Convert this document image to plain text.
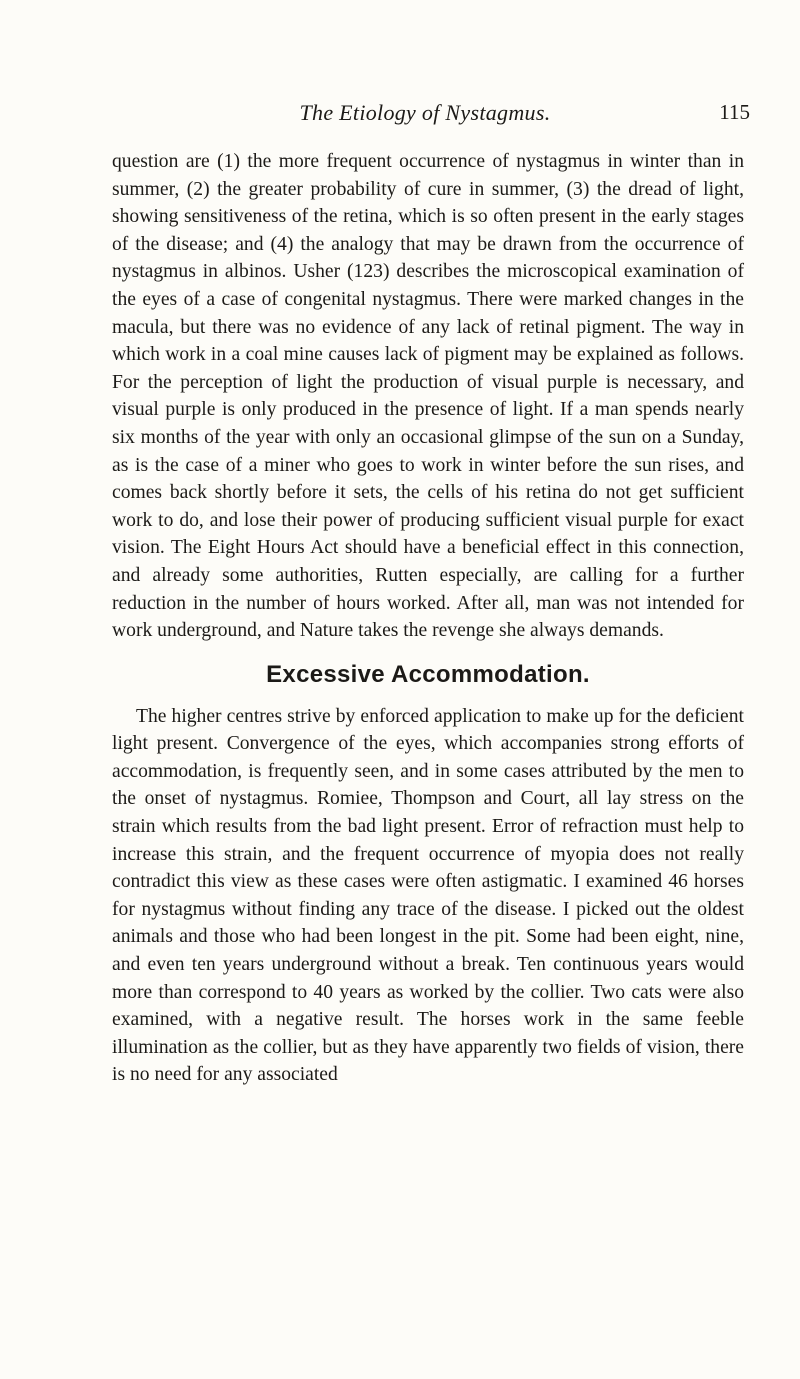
The Etiology of Nystagmus.	115

question are (1) the more frequent occurrence of nystagmus in winter than in summer, (2) the greater probability of cure in summer, (3) the dread of light, showing sensitiveness of the retina, which is so often present in the early stages of the disease; and (4) the analogy that may be drawn from the occurrence of nystagmus in albinos. Usher (123) describes the microscopical examination of the eyes of a case of congenital nystagmus. There were marked changes in the macula, but there was no evidence of any lack of retinal pigment. The way in which work in a coal mine causes lack of pigment may be explained as follows. For the perception of light the production of visual purple is necessary, and visual purple is only produced in the presence of light. If a man spends nearly six months of the year with only an occasional glimpse of the sun on a Sunday, as is the case of a miner who goes to work in winter before the sun rises, and comes back shortly before it sets, the cells of his retina do not get sufficient work to do, and lose their power of producing sufficient visual purple for exact vision. The Eight Hours Act should have a beneficial effect in this connection, and already some authorities, Rutten especially, are calling for a further reduction in the number of hours worked. After all, man was not intended for work underground, and Nature takes the revenge she always demands.

Excessive Accommodation.

The higher centres strive by enforced application to make up for the deficient light present. Convergence of the eyes, which accompanies strong efforts of accommodation, is frequently seen, and in some cases attributed by the men to the onset of nystagmus. Romiee, Thompson and Court, all lay stress on the strain which results from the bad light present. Error of refraction must help to increase this strain, and the frequent occurrence of myopia does not really contradict this view as these cases were often astigmatic. I examined 46 horses for nystagmus without finding any trace of the disease. I picked out the oldest animals and those who had been longest in the pit. Some had been eight, nine, and even ten years underground without a break. Ten continuous years would more than correspond to 40 years as worked by the collier. Two cats were also examined, with a negative result. The horses work in the same feeble illumination as the collier, but as they have apparently two fields of vision, there is no need for any associated
